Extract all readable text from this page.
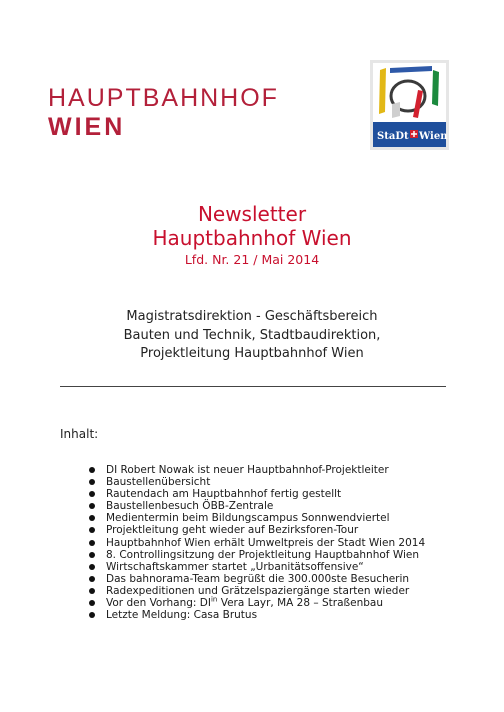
HAUPTBAHNHOF
WIEN	StaDt Wien
Newsletter
Hauptbahnhof Wien
Lfd. Nr. 21 / Mai 2014
Magistratsdirektion - Geschäftsbereich
Bauten und Technik, Stadtbaudirektion,
Projektleitung Hauptbahnhof Wien
Inhalt:
DI Robert Nowak ist neuer Hauptbahnhof-Projektleiter
Baustellenübersicht
Rautendach am Hauptbahnhof fertig gestellt
Baustellenbesuch ÖBB-Zentrale
Medientermin beim Bildungscampus Sonnwendviertel
Projektleitung geht wieder auf Bezirksforen-Tour
Hauptbahnhof Wien erhält Umweltpreis der Stadt Wien 2014
8. Controllingsitzung der Projektleitung Hauptbahnhof Wien
Wirtschaftskammer startet „Urbanitätsoffensive“
Das bahnorama-Team begrüßt die 300.000ste Besucherin
Radexpeditionen und Grätzelspaziergänge starten wieder
Vor den Vorhang: $DI^{in}$ Vera Layr, MA 28 – Straßenbau
Letzte Meldung: Casa Brutus
